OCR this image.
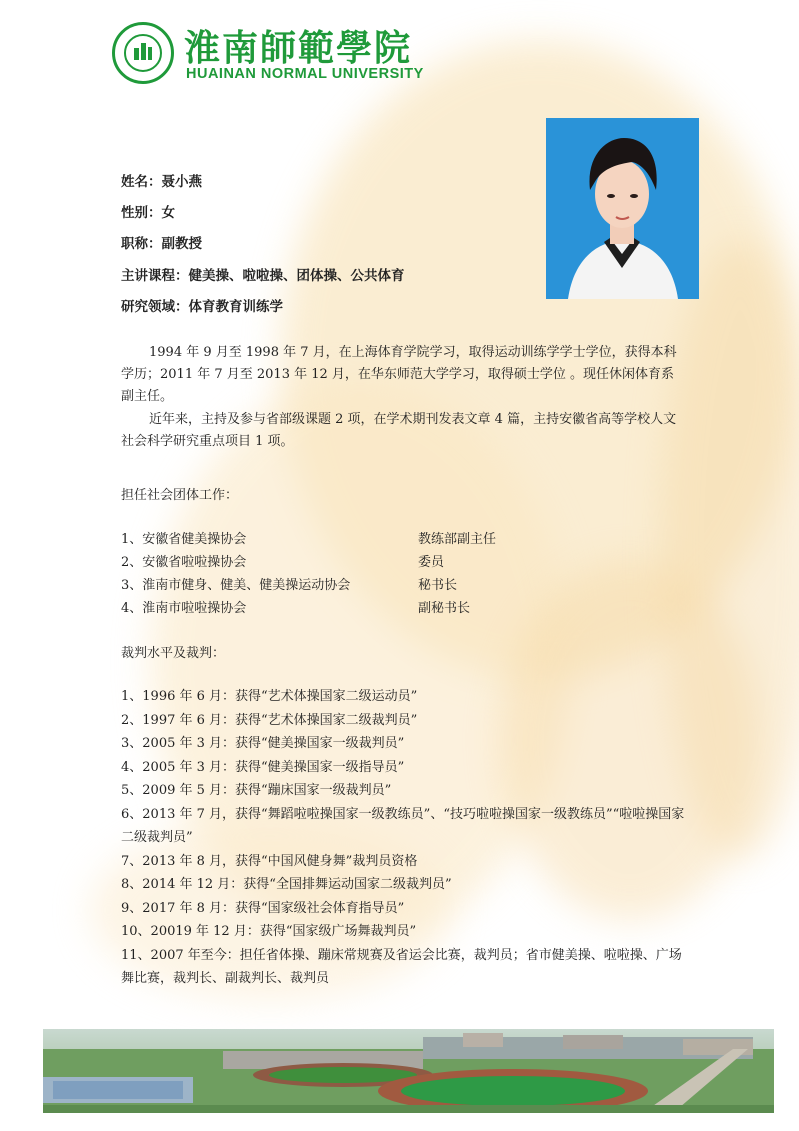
淮南師範學院
HUAINAN NORMAL UNIVERSITY
姓名：聂小燕
性别：女
职称：副教授
主讲课程：健美操、啦啦操、团体操、公共体育
研究领域：体育教育训练学

1994 年 9 月至 1998 年 7 月，在上海体育学院学习，取得运动训练学学士学位，获得本科学历；2011 年 7 月至 2013 年 12 月，在华东师范大学学习，取得硕士学位 。现任休闲体育系副主任。

近年来，主持及参与省部级课题 2 项，在学术期刊发表文章 4 篇，主持安徽省高等学校人文社会科学研究重点项目 1 项。

担任社会团体工作：
1、安徽省健美操协会	教练部副主任
2、安徽省啦啦操协会	委员
3、淮南市健身、健美、健美操运动协会	秘书长
4、淮南市啦啦操协会	副秘书长
裁判水平及裁判：
1、1996 年 6 月：获得“艺术体操国家二级运动员”
2、1997 年 6 月：获得“艺术体操国家二级裁判员”
3、2005 年 3 月：获得“健美操国家一级裁判员”
4、2005 年 3 月：获得“健美操国家一级指导员”
5、2009 年 5 月：获得“蹦床国家一级裁判员”
6、2013 年 7 月，获得“舞蹈啦啦操国家一级教练员”、“技巧啦啦操国家一级教练员”“啦啦操国家二级裁判员”
7、2013 年 8 月，获得“中国风健身舞”裁判员资格
8、2014 年 12 月：获得“全国排舞运动国家二级裁判员”
9、2017 年 8 月：获得“国家级社会体育指导员”
10、20019 年 12 月：获得“国家级广场舞裁判员”
11、2007 年至今：担任省体操、蹦床常规赛及省运会比赛，裁判员；省市健美操、啦啦操、广场舞比赛，裁判长、副裁判长、裁判员
